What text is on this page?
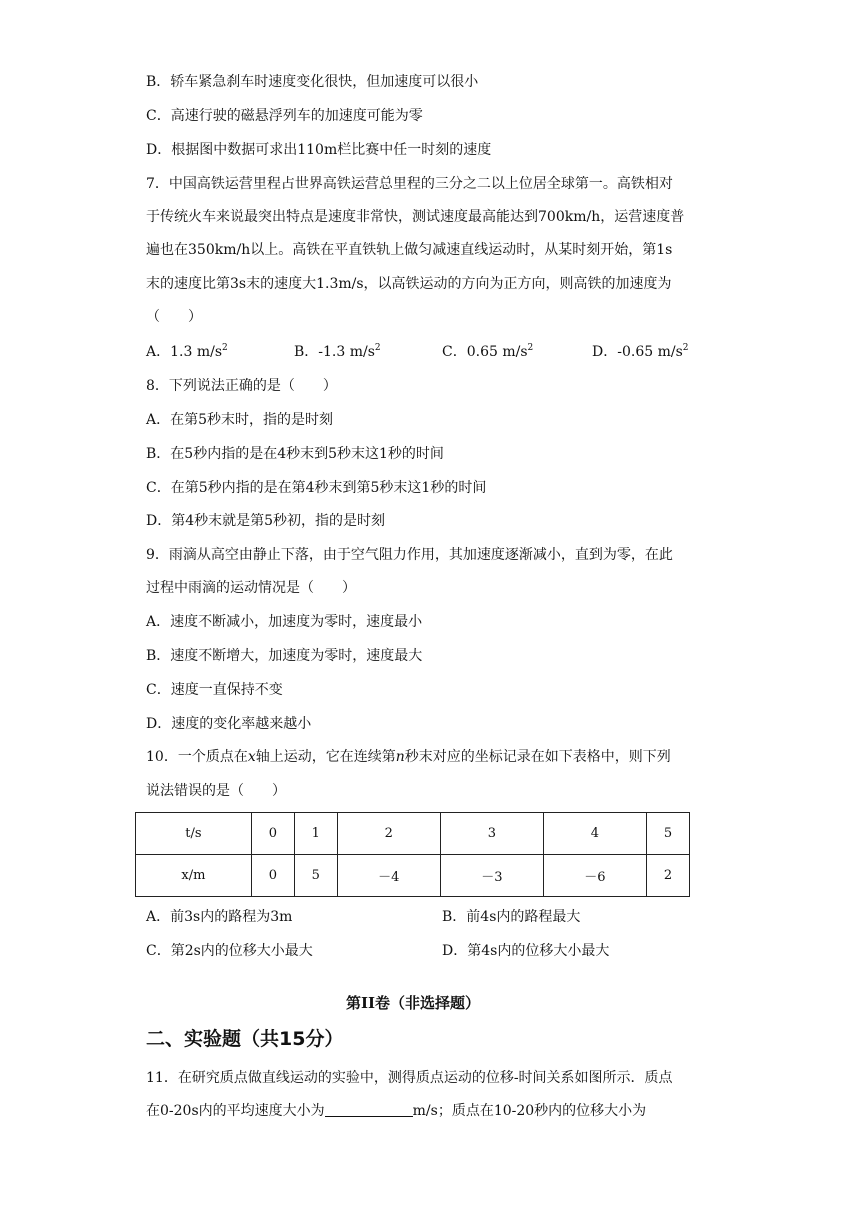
B．轿车紧急刹车时速度变化很快，但加速度可以很小
C．高速行驶的磁悬浮列车的加速度可能为零
D．根据图中数据可求出110m栏比赛中任一时刻的速度
7．中国高铁运营里程占世界高铁运营总里程的三分之二以上位居全球第一。高铁相对
于传统火车来说最突出特点是速度非常快，测试速度最高能达到700km/h，运营速度普
遍也在350km/h以上。高铁在平直铁轨上做匀减速直线运动时，从某时刻开始，第1s
末的速度比第3s末的速度大1.3m/s，以高铁运动的方向为正方向，则高铁的加速度为
（　　）
A．1.3 $m/s^2$	B．-1.3 $m/s^2$	C．0.65 $m/s^2$	D．-0.65 $m/s^2$
8．下列说法正确的是（　　）
A．在第5秒末时，指的是时刻
B．在5秒内指的是在4秒末到5秒末这1秒的时间
C．在第5秒内指的是在第4秒末到第5秒末这1秒的时间
D．第4秒末就是第5秒初，指的是时刻
9．雨滴从高空由静止下落，由于空气阻力作用，其加速度逐渐减小，直到为零，在此
过程中雨滴的运动情况是（　　）
A．速度不断减小，加速度为零时，速度最小
B．速度不断增大，加速度为零时，速度最大
C．速度一直保持不变
D．速度的变化率越来越小
10．一个质点在x轴上运动，它在连续第n秒末对应的坐标记录在如下表格中，则下列
说法错误的是（　　）
t/s	0	1	2	3	4	5
x/m	0	5	－4	－3	－6	2
A．前3s内的路程为3m	B．前4s内的路程最大
C．第2s内的位移大小最大	D．第4s内的位移大小最大
第II卷（非选择题）
二、实验题（共15分）
11．在研究质点做直线运动的实验中，测得质点运动的位移-时间关系如图所示．质点
在0-20s内的平均速度大小为	m/s；质点在10-20秒内的位移大小为
